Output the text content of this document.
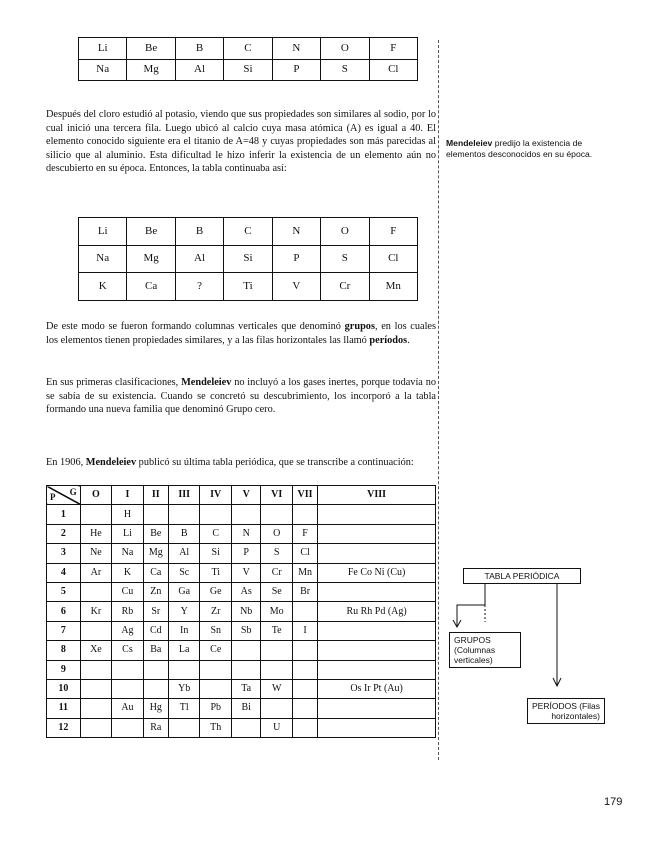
Li	Be	B	C	N	O	F
Na	Mg	Al	Si	P	S	Cl
Después del cloro estudió al potasio, viendo que sus propiedades son similares al sodio, por lo cual inició una tercera fila. Luego ubicó al calcio cuya masa atómica (A) es igual a 40. El elemento conocido siguiente era el titanio de A=48 y cuyas propiedades son más parecidas al silicio que al aluminio. Esta dificultad le hizo inferir la existencia de un elemento aún no descubierto en su época. Entonces, la tabla continuaba así:
Mendeleiev predijo la existencia de elementos desconocidos en su época.
Li	Be	B	C	N	O	F
Na	Mg	Al	Si	P	S	Cl
K	Ca	?	Ti	V	Cr	Mn
De este modo se fueron formando columnas verticales que denominó grupos, en los cuales los elementos tienen propiedades similares, y a las filas horizontales las llamó períodos.
En sus primeras clasificaciones, Mendeleiev no incluyó a los gases inertes, porque todavía no se sabía de su existencia. Cuando se concretó su descubrimiento, los incorporó a la tabla formando una nueva familia que denominó Grupo cero.
En 1906, Mendeleiev publicó su última tabla periódica, que se transcribe a continuación:
G
P	O	I	II	III	IV	V	VI	VII	VIII
1		H							
2	He	Li	Be	B	C	N	O	F	
3	Ne	Na	Mg	Al	Si	P	S	Cl	
4	Ar	K	Ca	Sc	Ti	V	Cr	Mn	Fe Co Ni (Cu)
5		Cu	Zn	Ga	Ge	As	Se	Br	
6	Kr	Rb	Sr	Y	Zr	Nb	Mo		Ru Rh Pd (Ag)
7		Ag	Cd	In	Sn	Sb	Te	I	
8	Xe	Cs	Ba	La	Ce				
9									
10				Yb		Ta	W		Os Ir Pt (Au)
11		Au	Hg	Tl	Pb	Bi			
12			Ra		Th		U		
TABLA PERIÓDICA
GRUPOS (Columnas verticales)
PERÍODOS (Filas horizontales)
179
